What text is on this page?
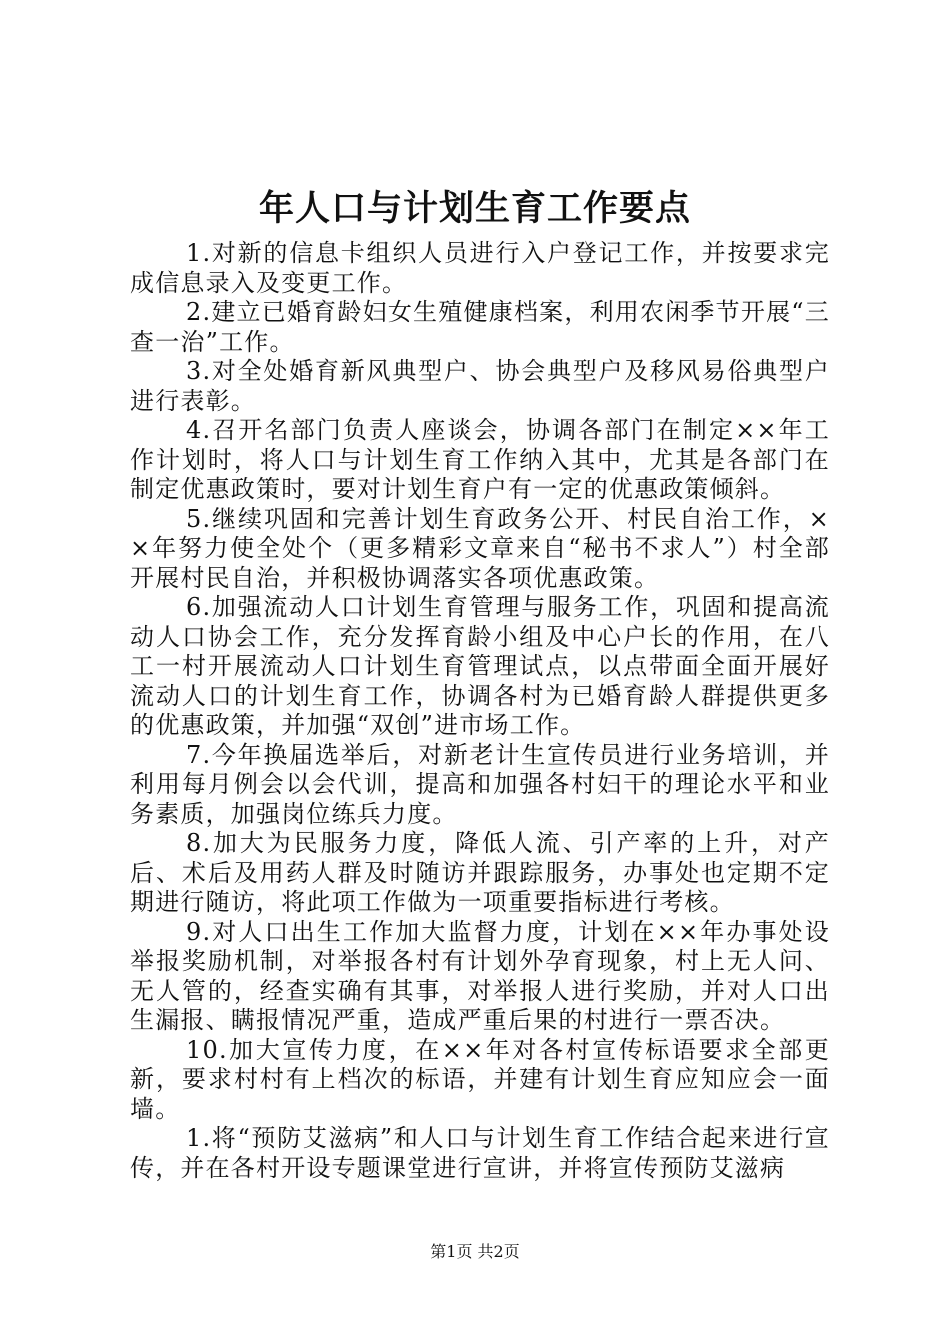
年人口与计划生育工作要点

1.对新的信息卡组织人员进行入户登记工作，并按要求完成信息录入及变更工作。

2.建立已婚育龄妇女生殖健康档案，利用农闲季节开展“三查一治”工作。

3.对全处婚育新风典型户、协会典型户及移风易俗典型户进行表彰。

4.召开名部门负责人座谈会，协调各部门在制定××年工作计划时，将人口与计划生育工作纳入其中，尤其是各部门在制定优惠政策时，要对计划生育户有一定的优惠政策倾斜。

5.继续巩固和完善计划生育政务公开、村民自治工作，××年努力使全处个（更多精彩文章来自“秘书不求人”）村全部开展村民自治，并积极协调落实各项优惠政策。

6.加强流动人口计划生育管理与服务工作，巩固和提高流动人口协会工作，充分发挥育龄小组及中心户长的作用，在八工一村开展流动人口计划生育管理试点，以点带面全面开展好流动人口的计划生育工作，协调各村为已婚育龄人群提供更多的优惠政策，并加强“双创”进市场工作。

7.今年换届选举后，对新老计生宣传员进行业务培训，并利用每月例会以会代训，提高和加强各村妇干的理论水平和业务素质，加强岗位练兵力度。

8.加大为民服务力度，降低人流、引产率的上升，对产后、术后及用药人群及时随访并跟踪服务，办事处也定期不定期进行随访，将此项工作做为一项重要指标进行考核。

9.对人口出生工作加大监督力度，计划在××年办事处设举报奖励机制，对举报各村有计划外孕育现象，村上无人问、无人管的，经查实确有其事，对举报人进行奖励，并对人口出生漏报、瞒报情况严重，造成严重后果的村进行一票否决。

10.加大宣传力度，在××年对各村宣传标语要求全部更新，要求村村有上档次的标语，并建有计划生育应知应会一面墙。

1.将“预防艾滋病”和人口与计划生育工作结合起来进行宣传，并在各村开设专题课堂进行宣讲，并将宣传预防艾滋病

第1页 共2页
